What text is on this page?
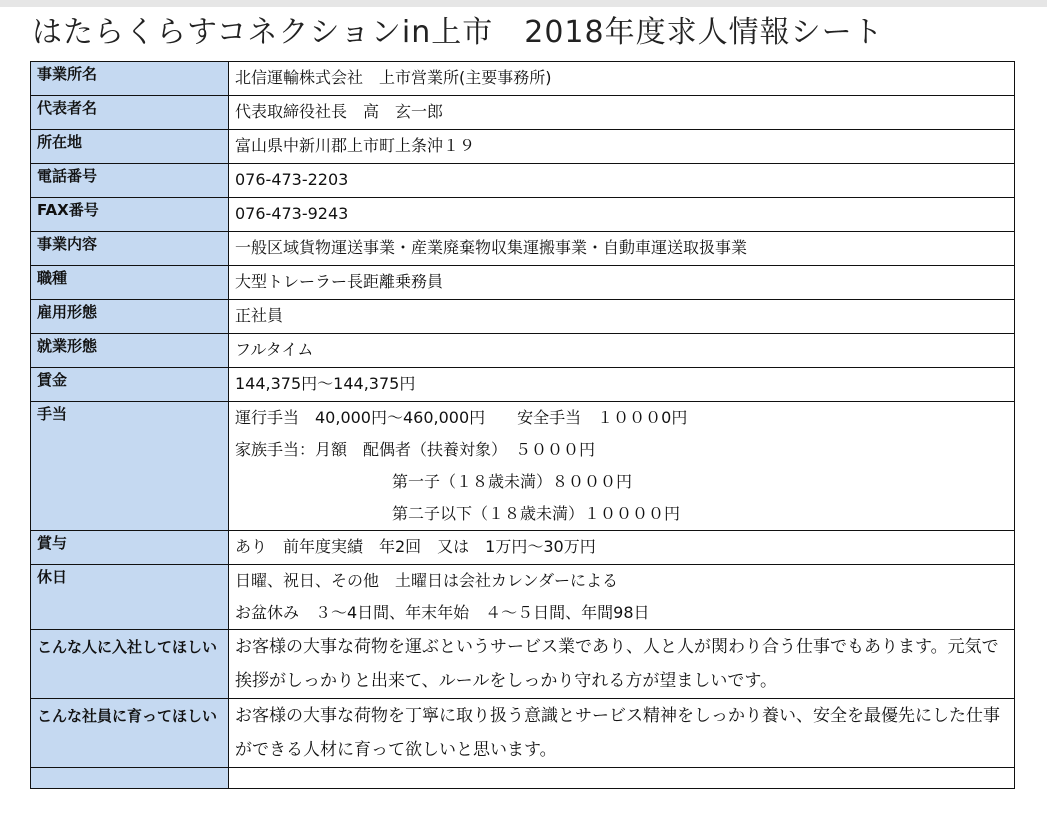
はたらくらすコネクションin上市　2018年度求人情報シート
事業所名	北信運輸株式会社　上市営業所(主要事務所)
代表者名	代表取締役社長　高　玄一郎
所在地	富山県中新川郡上市町上条沖１９
電話番号	076-473-2203
FAX番号	076-473-9243
事業内容	一般区域貨物運送事業・産業廃棄物収集運搬事業・自動車運送取扱事業
職種	大型トレーラー長距離乗務員
雇用形態	正社員
就業形態	フルタイム
賃金	144,375円～144,375円
手当	運行手当　40,000円～460,000円　　安全手当　１０００0円
家族手当：月額　配偶者（扶養対象）　５０００円
第一子（１８歳未満）８０００円
第二子以下（１８歳未満）１００００円

賞与	あり　前年度実績　年2回　又は　1万円～30万円
休日	日曜、祝日、その他　土曜日は会社カレンダーによる
お盆休み　３～4日間、年末年始　４～５日間、年間98日

こんな人に入社してほしい	お客様の大事な荷物を運ぶというサービス業であり、人と人が関わり合う仕事でもあります。元気で挨拶がしっかりと出来て、ルールをしっかり守れる方が望ましいです。
こんな社員に育ってほしい	お客様の大事な荷物を丁寧に取り扱う意識とサービス精神をしっかり養い、安全を最優先にした仕事ができる人材に育って欲しいと思います。
